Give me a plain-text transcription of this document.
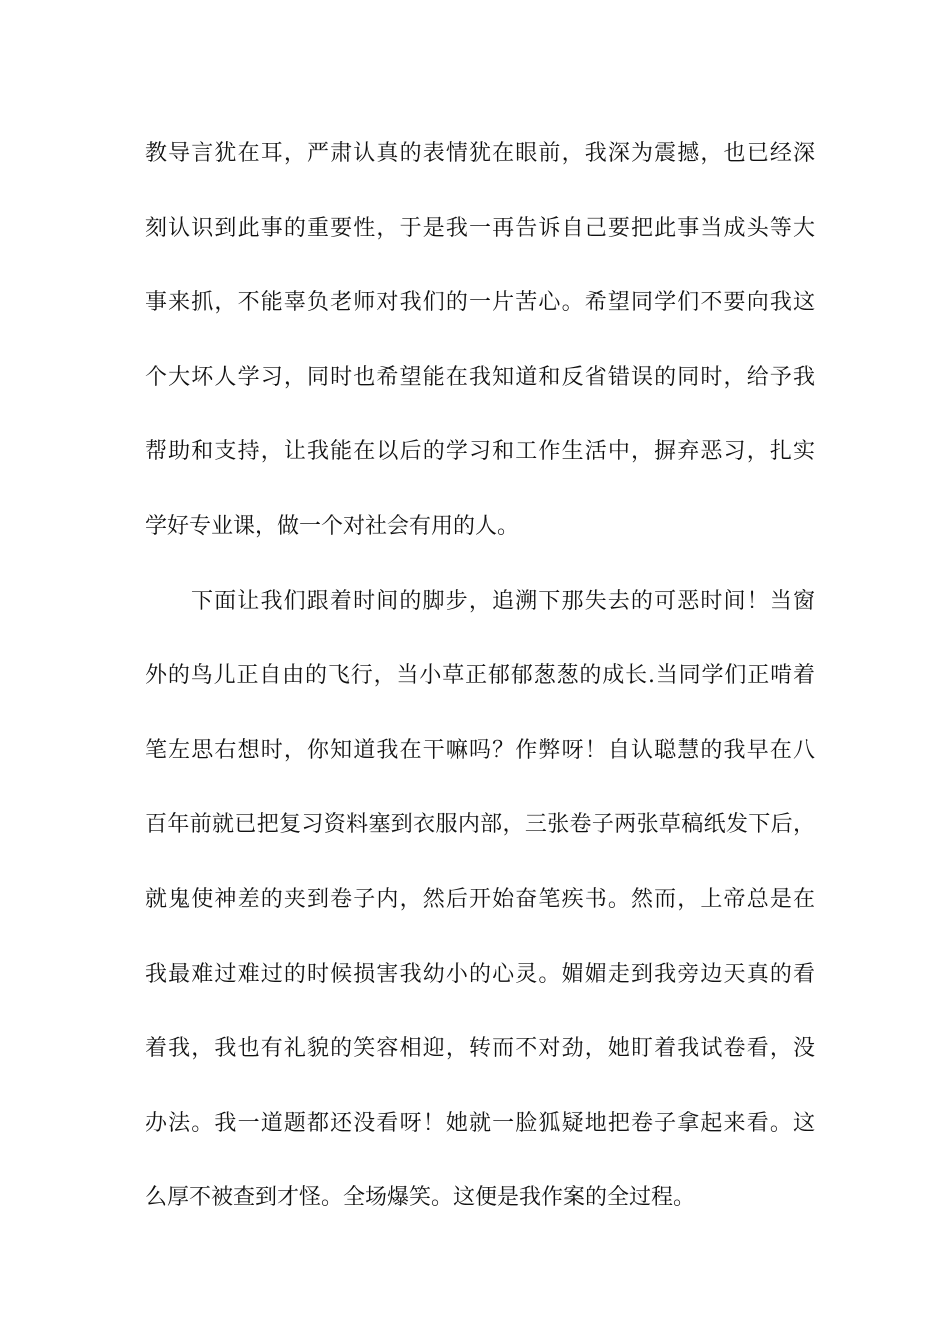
教导言犹在耳，严肃认真的表情犹在眼前，我深为震撼，也已经深
刻认识到此事的重要性，于是我一再告诉自己要把此事当成头等大
事来抓，不能辜负老师对我们的一片苦心。希望同学们不要向我这
个大坏人学习，同时也希望能在我知道和反省错误的同时，给予我
帮助和支持，让我能在以后的学习和工作生活中，摒弃恶习，扎实
学好专业课，做一个对社会有用的人。
下面让我们跟着时间的脚步，追溯下那失去的可恶时间！当窗
外的鸟儿正自由的飞行，当小草正郁郁葱葱的成长.当同学们正啃着
笔左思右想时，你知道我在干嘛吗？作弊呀！自认聪慧的我早在八
百年前就已把复习资料塞到衣服内部，三张卷子两张草稿纸发下后，
就鬼使神差的夹到卷子内，然后开始奋笔疾书。然而，上帝总是在
我最难过难过的时候损害我幼小的心灵。媚媚走到我旁边天真的看
着我，我也有礼貌的笑容相迎，转而不对劲，她盯着我试卷看，没
办法。我一道题都还没看呀！她就一脸狐疑地把卷子拿起来看。这
么厚不被查到才怪。全场爆笑。这便是我作案的全过程。
